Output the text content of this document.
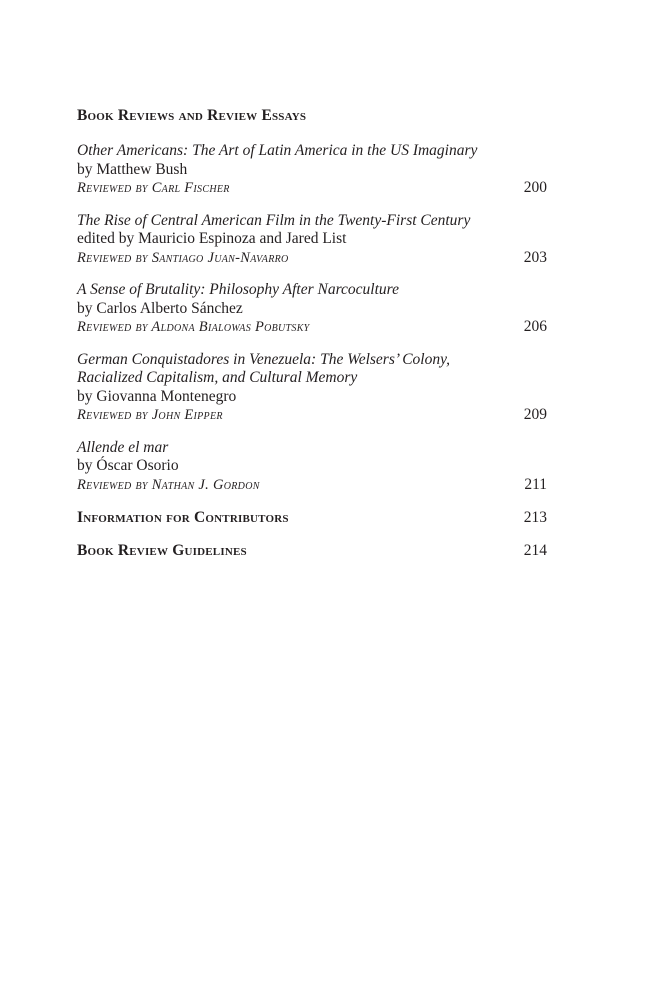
Book Reviews and Review Essays
Other Americans: The Art of Latin America in the US Imaginary
by Matthew Bush
Reviewed by Carl Fischer	200
The Rise of Central American Film in the Twenty-First Century
edited by Mauricio Espinoza and Jared List
Reviewed by Santiago Juan-Navarro	203
A Sense of Brutality: Philosophy After Narcoculture
by Carlos Alberto Sánchez
Reviewed by Aldona Bialowas Pobutsky	206
German Conquistadores in Venezuela: The Welsers’ Colony,
Racialized Capitalism, and Cultural Memory
by Giovanna Montenegro
Reviewed by John Eipper	209
Allende el mar
by Óscar Osorio
Reviewed by Nathan J. Gordon	211
Information for Contributors	213
Book Review Guidelines	214
